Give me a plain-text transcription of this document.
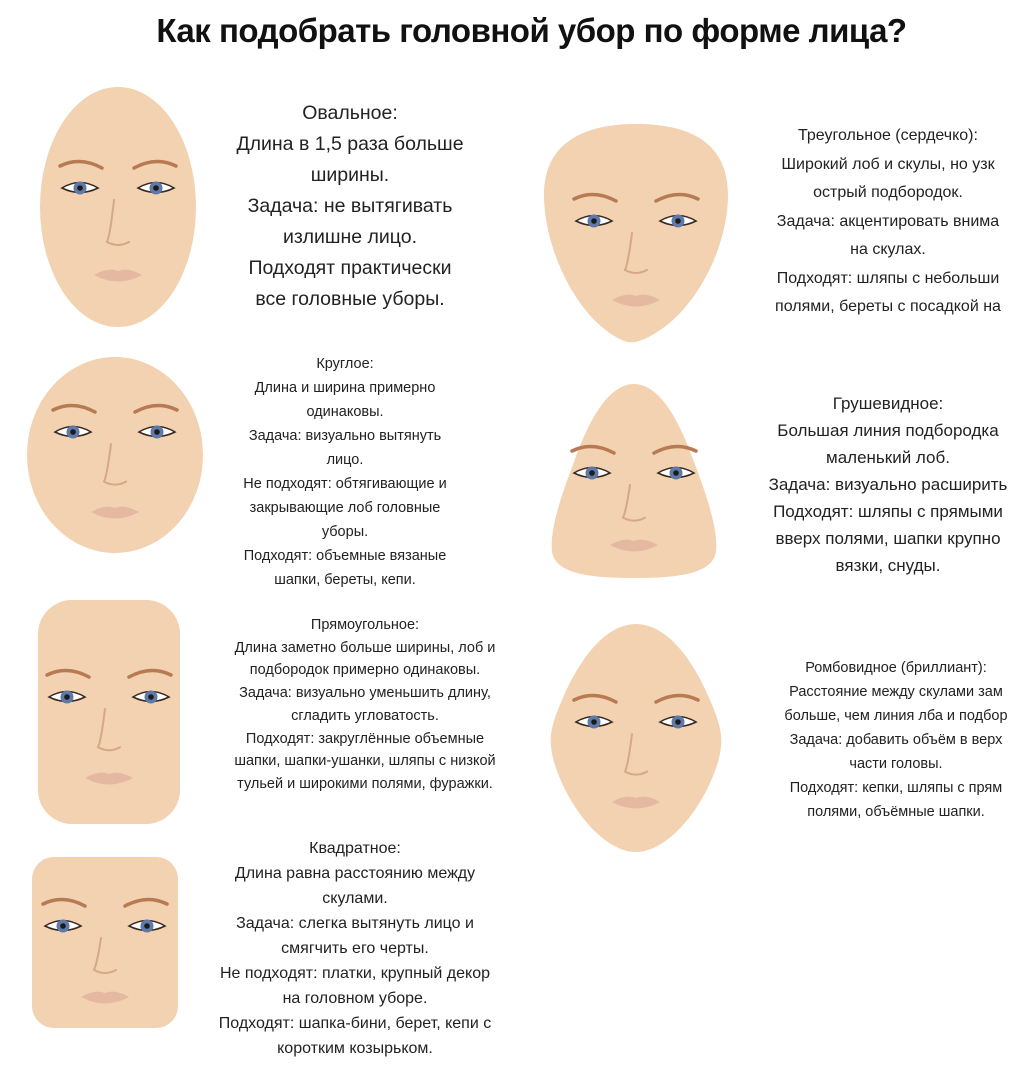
Как подобрать головной убор по форме лица?

Овальное:

Длина в 1,5 раза больше

ширины.

Задача: не вытягивать

излишне лицо.

Подходят практически

все головные уборы.

Круглое:

Длина и ширина примерно

одинаковы.

Задача: визуально вытянуть

лицо.

Не подходят: обтягивающие и

закрывающие лоб головные

уборы.

Подходят: объемные вязаные

шапки, береты, кепи.

Прямоугольное:

Длина заметно больше ширины, лоб и

подбородок примерно одинаковы.

Задача: визуально уменьшить длину,

сгладить угловатость.

Подходят: закруглённые объемные

шапки, шапки-ушанки, шляпы с низкой

тульей и широкими полями, фуражки.

Квадратное:

Длина равна расстоянию между

скулами.

Задача: слегка вытянуть лицо и

смягчить его черты.

Не подходят: платки, крупный декор

на головном уборе.

Подходят: шапка-бини, берет, кепи с

коротким козырьком.

Треугольное (сердечко):

Широкий лоб и скулы, но узк

острый подбородок.

Задача: акцентировать внима

на скулах.

Подходят: шляпы с небольши

полями, береты с посадкой на

Грушевидное:

Большая линия подбородка

маленький лоб.

Задача: визуально расширить

Подходят: шляпы с прямыми

вверх полями, шапки крупно

вязки, снуды.

Ромбовидное (бриллиант):

Расстояние между скулами зам

больше, чем линия лба и подбор

Задача: добавить объём в верх

части головы.

Подходят: кепки, шляпы с прям

полями, объёмные шапки.
